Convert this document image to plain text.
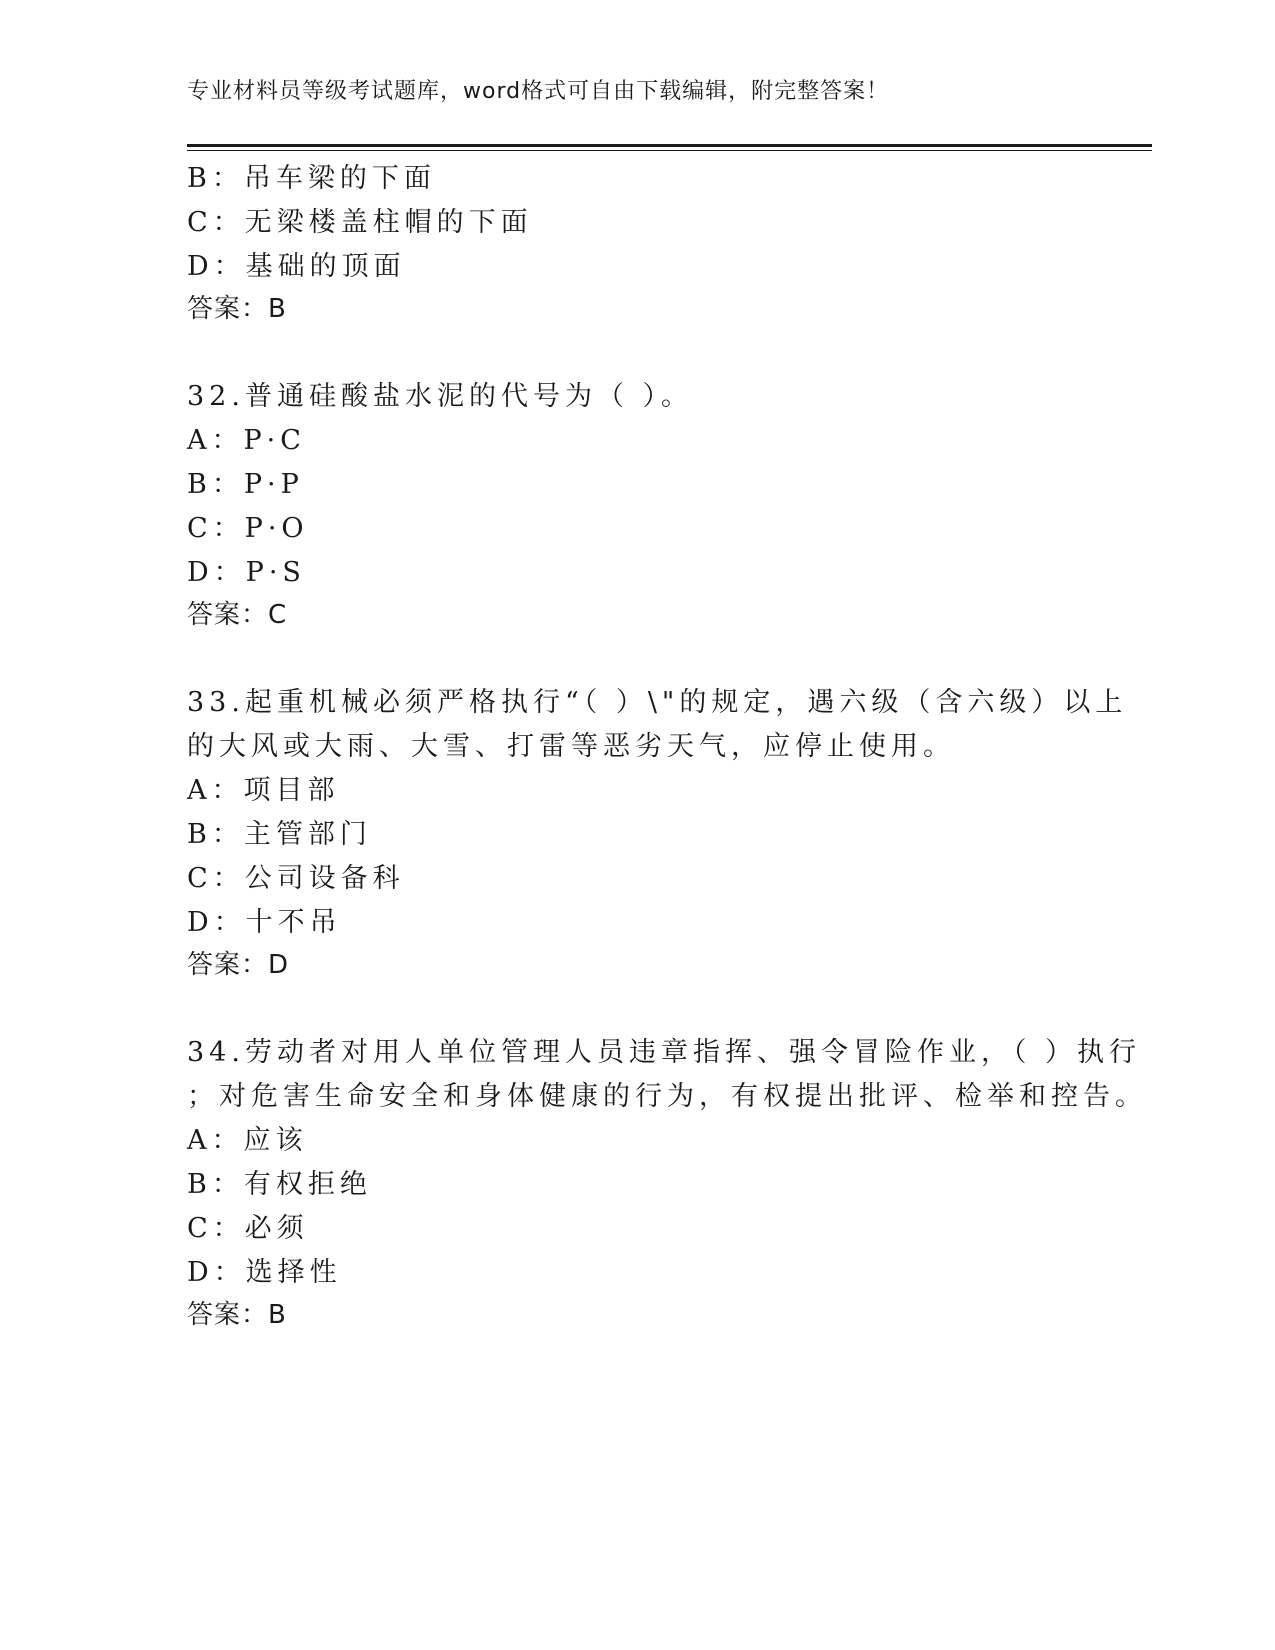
专业材料员等级考试题库，word格式可自由下载编辑，附完整答案！
B：吊车梁的下面
C：无梁楼盖柱帽的下面
D：基础的顶面
答案：B
32.普通硅酸盐水泥的代号为（ ）。
A：P·C
B：P·P
C：P·O
D：P·S
答案：C
33.起重机械必须严格执行“（ ）\"的规定，遇六级（含六级）以上
的大风或大雨、大雪、打雷等恶劣天气，应停止使用。
A：项目部
B：主管部门
C：公司设备科
D：十不吊
答案：D
34.劳动者对用人单位管理人员违章指挥、强令冒险作业，（ ）执行
；对危害生命安全和身体健康的行为，有权提出批评、检举和控告。
A：应该
B：有权拒绝
C：必须
D：选择性
答案：B
